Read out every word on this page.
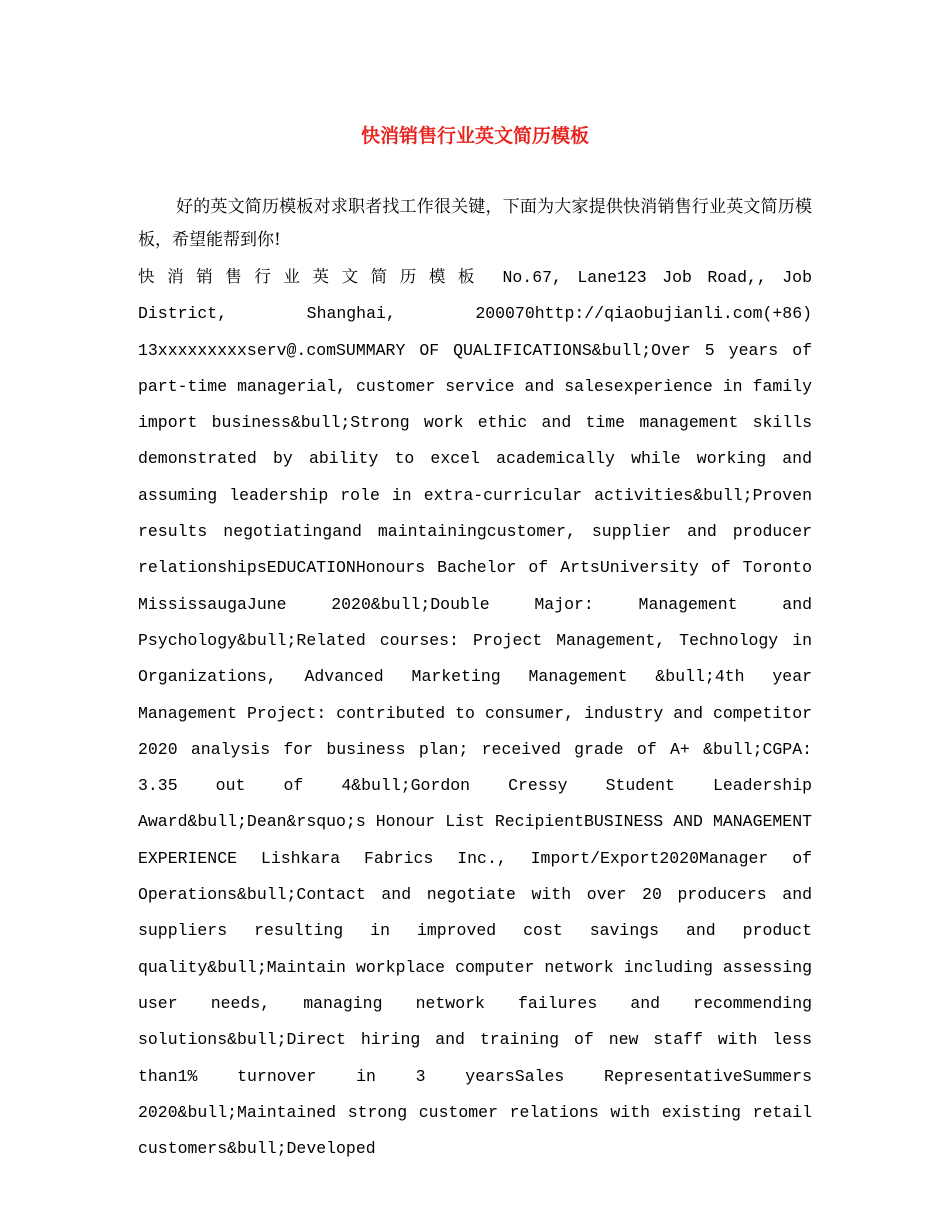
快消销售行业英文简历模板

好的英文简历模板对求职者找工作很关键，下面为大家提供快消销售行业英文简历模板，希望能帮到你!

快消销售行业英文简历模板 No.67, Lane123 Job Road,, Job District, Shanghai, 200070http://qiaobujianli.com(+86) 13xxxxxxxxxserv@.comSUMMARY OF QUALIFICATIONS&bull;Over 5 years of part-time managerial, customer service and salesexperience in family import business&bull;Strong work ethic and time management skills demonstrated by ability to excel academically while working and assuming leadership role in extra-curricular activities&bull;Proven results negotiatingand maintainingcustomer, supplier and producer relationshipsEDUCATIONHonours Bachelor of ArtsUniversity of Toronto MississaugaJune 2020&bull;Double Major: Management and Psychology&bull;Related courses: Project Management, Technology in Organizations, Advanced Marketing Management &bull;4th year Management Project: contributed to consumer, industry and competitor 2020 analysis for business plan; received grade of A+ &bull;CGPA: 3.35 out of 4&bull;Gordon Cressy Student Leadership Award&bull;Dean&rsquo;s Honour List RecipientBUSINESS AND MANAGEMENT EXPERIENCE Lishkara Fabrics Inc., Import/Export2020Manager of Operations&bull;Contact and negotiate with over 20 producers and suppliers resulting in improved cost savings and product quality&bull;Maintain workplace computer network including assessing user needs, managing network failures and recommending solutions&bull;Direct hiring and training of new staff with less than1% turnover in 3 yearsSales RepresentativeSummers 2020&bull;Maintained strong customer relations with existing retail customers&bull;Developed
